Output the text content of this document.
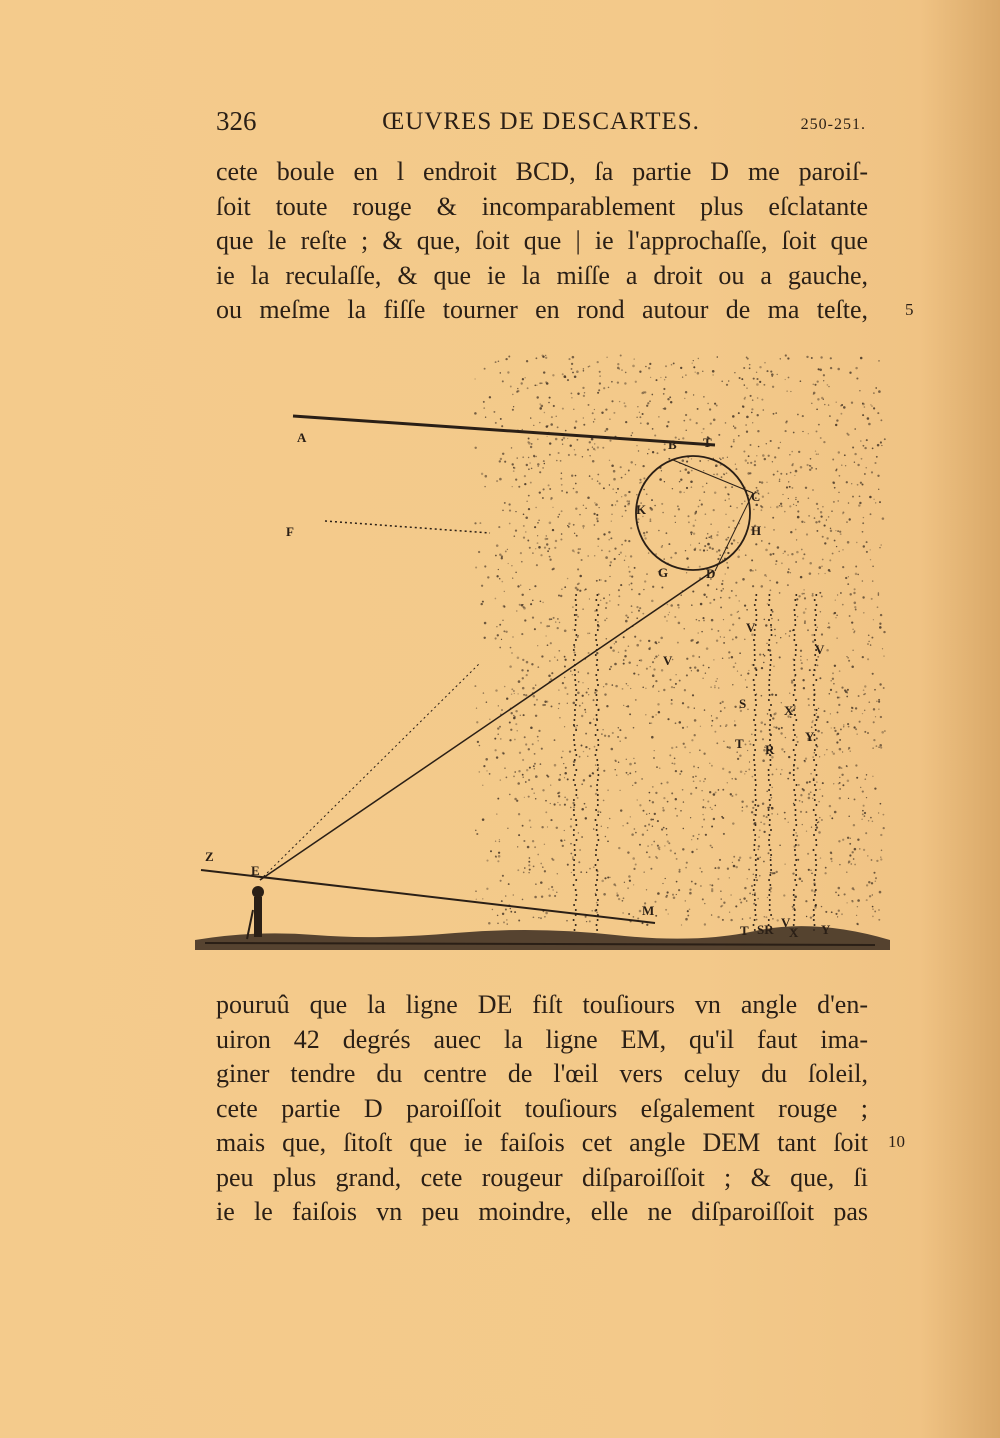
326	ŒUVRES DE DESCARTES.	250-251.
cete boule en l endroit BCD, ſa partie D me paroiſ-
ſoit toute rouge & incomparablement plus eſclatante
que le reſte ; & que, ſoit que | ie l'approchaſſe, ſoit que
ie la reculaſſe, & que ie la miſſe a droit ou a gauche,
ou meſme la fiſſe tourner en rond autour de ma teſte, 5
A
F
Z
E
B T
C
K
H
G	D
V
V
V
S	X
Y
T R
M
T SR V
X Y
pouruû que la ligne DE fiſt touſiours vn angle d'en-
uiron 42 degrés auec la ligne EM, qu'il faut ima-
giner tendre du centre de l'œil vers celuy du ſoleil,
cete partie D paroiſſoit touſiours eſgalement rouge ;
mais que, ſitoſt que ie faiſois cet angle DEM tant ſoit
peu plus grand, cete rougeur diſparoiſſoit ; & que, ſi
ie le faiſois vn peu moindre, elle ne diſparoiſſoit pas
10
